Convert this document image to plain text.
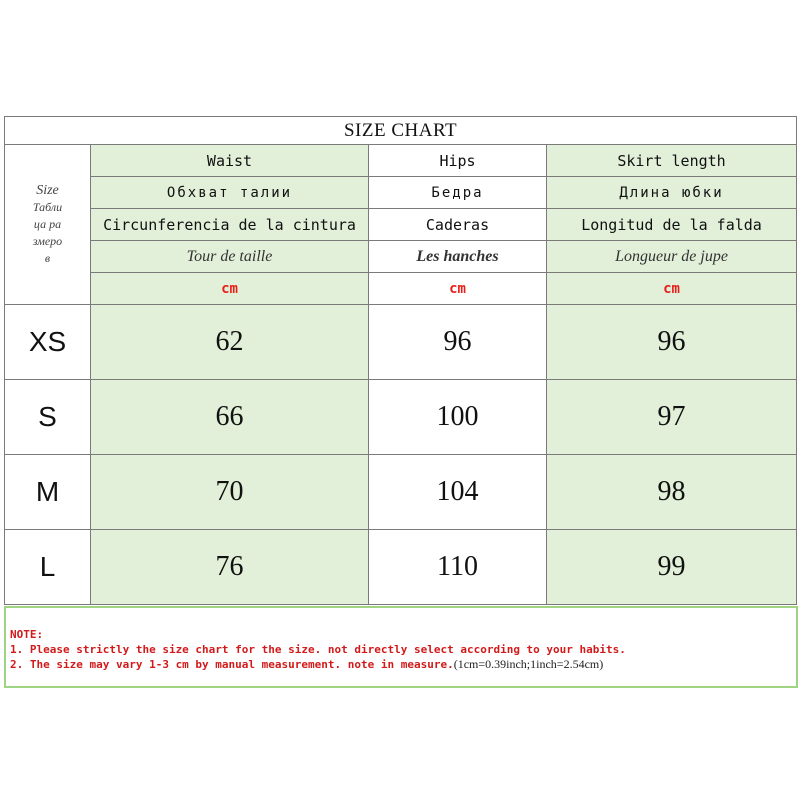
SIZE CHART			

Size
Табли
ца ра
змеро
в	Waist	Hips	Skirt length
	Обхват талии	Бедра	Длина юбки
	Circunferencia de la cintura	Caderas	Longitud de la falda
	Tour de taille	Les hanches	Longueur de jupe
	cm	cm	cm
XS	62	96	96
S	66	100	97
M	70	104	98
L	76	110	99
NOTE:
1. Please strictly the size chart for the size. not directly select according to your habits.
2. The size may vary 1-3 cm by manual measurement. note in measure.(1cm=0.39inch;1inch=2.54cm)
